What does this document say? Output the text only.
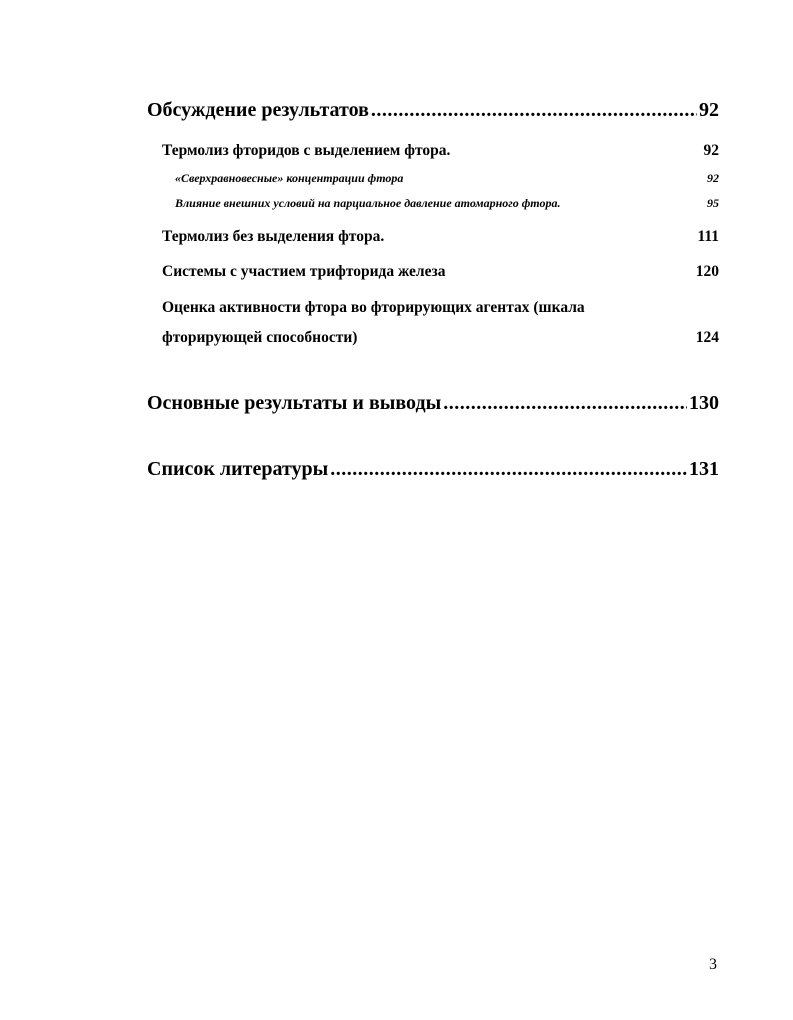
Обсуждение результатов .....	92
Термолиз фторидов с выделением фтора.	92
«Сверхравновесные» концентрации фтора	92
Влияние внешних условий на парциальное давление атомарного фтора.	95
Термолиз без выделения фтора.	111
Системы с участием трифторида железа	120
Оценка активности фтора во фторирующих агентах (шкала
фторирующей способности)	124
Основные результаты и выводы .....	130
Список литературы .....	131
3
